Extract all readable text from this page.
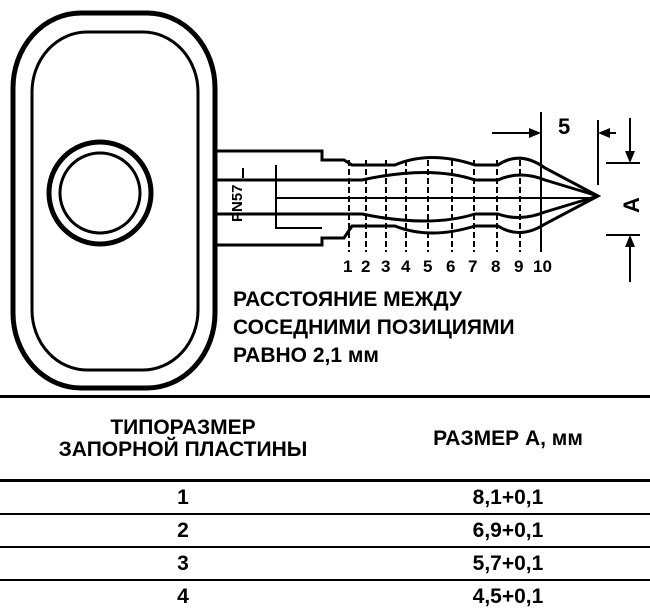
PN57
1 2 3 4 5 6 7 8 9 10
5
A
РАССТОЯНИЕ МЕЖДУ
СОСЕДНИМИ ПОЗИЦИЯМИ
РАВНО 2,1 мм
ТИПОРАЗМЕР
ЗАПОРНОЙ ПЛАСТИНЫ	РАЗМЕР А, мм

1	8,1+0,1
2	6,9+0,1
3	5,7+0,1
4	4,5+0,1
